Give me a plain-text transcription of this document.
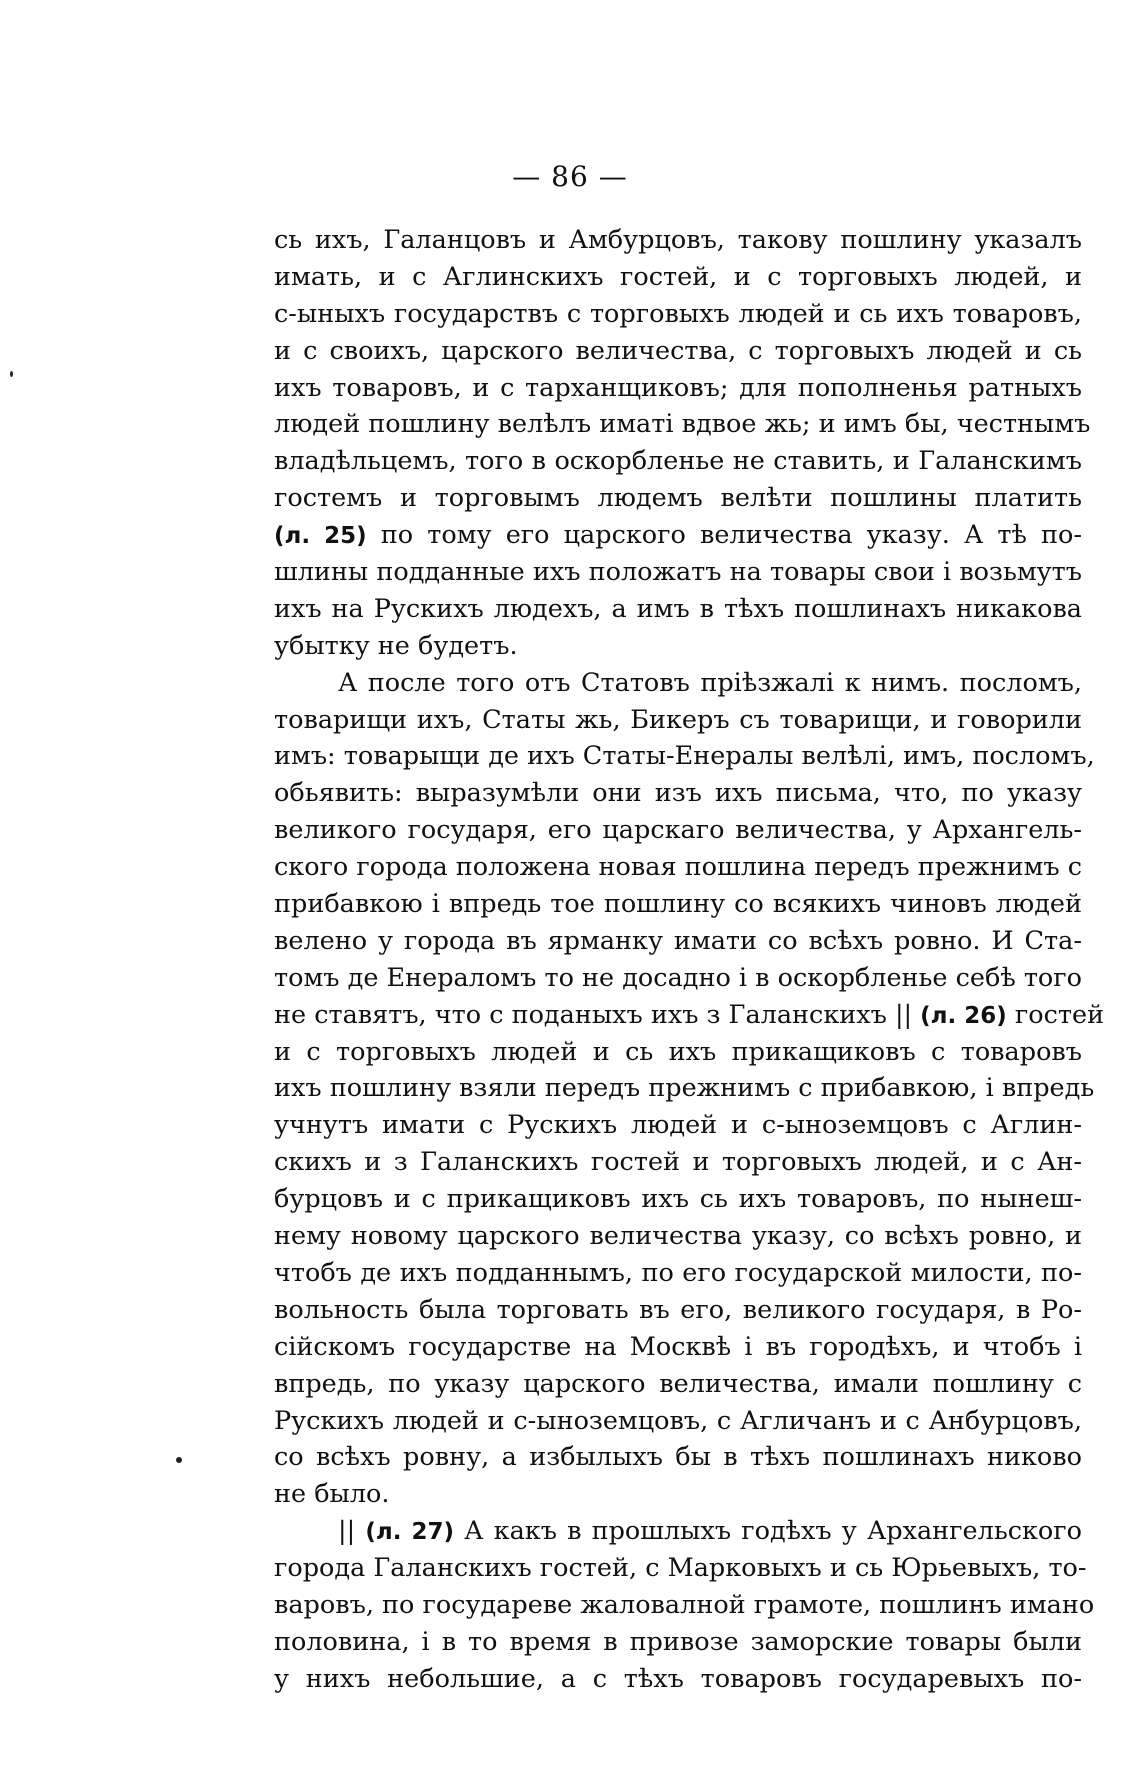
— 86 —
сь ихъ, Галанцовъ и Амбурцовъ, такову пошлину указалъ
имать, и с Аглинскихъ гостей, и с торговыхъ людей, и
с-ыныхъ государствъ с торговыхъ людей и сь ихъ товаровъ,
и с своихъ, царского величества, с торговыхъ людей и сь
ихъ товаровъ, и с тарханщиковъ; для пополненья ратныхъ
людей пошлину велѣлъ иматі вдвое жь; и имъ бы, честнымъ
владѣльцемъ, того в оскорбленье не ставить, и Галанскимъ
гостемъ и торговымъ людемъ велѣти пошлины платить
(л. 25) по тому его царского величества указу. А тѣ по-
шлины подданные ихъ положатъ на товары свои і возьмутъ
ихъ на Рускихъ людехъ, а имъ в тѣхъ пошлинахъ никакова
убытку не будетъ.
А после того отъ Статовъ пріѣзжалі к нимъ. посломъ,
товарищи ихъ, Статы жь, Бикеръ съ товарищи, и говорили
имъ: товарыщи де ихъ Статы-Енералы велѣлі, имъ, посломъ,
обьявить: выразумѣли они изъ ихъ письма, что, по указу
великого государя, его царскаго величества, у Архангель-
ского города положена новая пошлина передъ прежнимъ с
прибавкою і впредь тое пошлину со всякихъ чиновъ людей
велено у города въ ярманку имати со всѣхъ ровно. И Ста-
томъ де Енераломъ то не досадно і в оскорбленье себѣ того
не ставятъ, что с поданыхъ ихъ з Галанскихъ || (л. 26) гостей
и с торговыхъ людей и сь ихъ прикащиковъ с товаровъ
ихъ пошлину взяли передъ прежнимъ с прибавкою, і впредь
учнутъ имати с Рускихъ людей и с-ыноземцовъ с Аглин-
скихъ и з Галанскихъ гостей и торговыхъ людей, и с Ан-
бурцовъ и с прикащиковъ ихъ сь ихъ товаровъ, по нынеш-
нему новому царского величества указу, со всѣхъ ровно, и
чтобъ де ихъ подданнымъ, по его государской милости, по-
вольность была торговать въ его, великого государя, в Ро-
сійскомъ государстве на Москвѣ і въ городѣхъ, и чтобъ і
впредь, по указу царского величества, имали пошлину с
Рускихъ людей и с-ыноземцовъ, с Агличанъ и с Анбурцовъ,
со всѣхъ ровну, а избылыхъ бы в тѣхъ пошлинахъ никово
не было.
|| (л. 27) А какъ в прошлыхъ годѣхъ у Архангельского
города Галанскихъ гостей, с Марковыхъ и сь Юрьевыхъ, то-
варовъ, по государеве жаловалной грамоте, пошлинъ имано
половина, і в то время в привозе заморские товары были
у нихъ небольшие, а с тѣхъ товаровъ государевыхъ по-
